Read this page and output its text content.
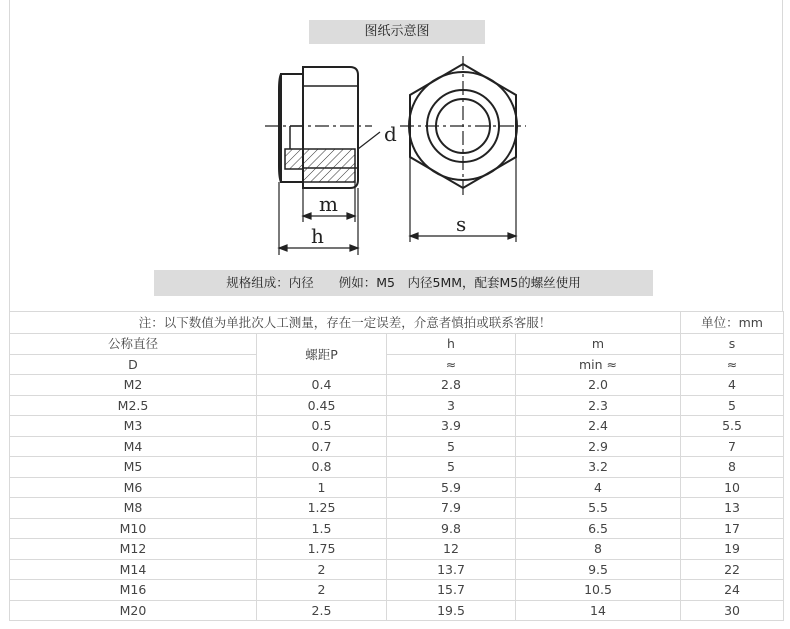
图纸示意图
d
m
h	s
规格组成：内径　　例如：M5　内径5MM，配套M5的螺丝使用
注：以下数值为单批次人工测量，存在一定误差，介意者慎拍或联系客服！				单位：mm
公称直径	螺距P	h	m	s
D		≈	min ≈	≈
M2	0.4	2.8	2.0	4
M2.5	0.45	3	2.3	5
M3	0.5	3.9	2.4	5.5
M4	0.7	5	2.9	7
M5	0.8	5	3.2	8
M6	1	5.9	4	10
M8	1.25	7.9	5.5	13
M10	1.5	9.8	6.5	17
M12	1.75	12	8	19
M14	2	13.7	9.5	22
M16	2	15.7	10.5	24
M20	2.5	19.5	14	30
